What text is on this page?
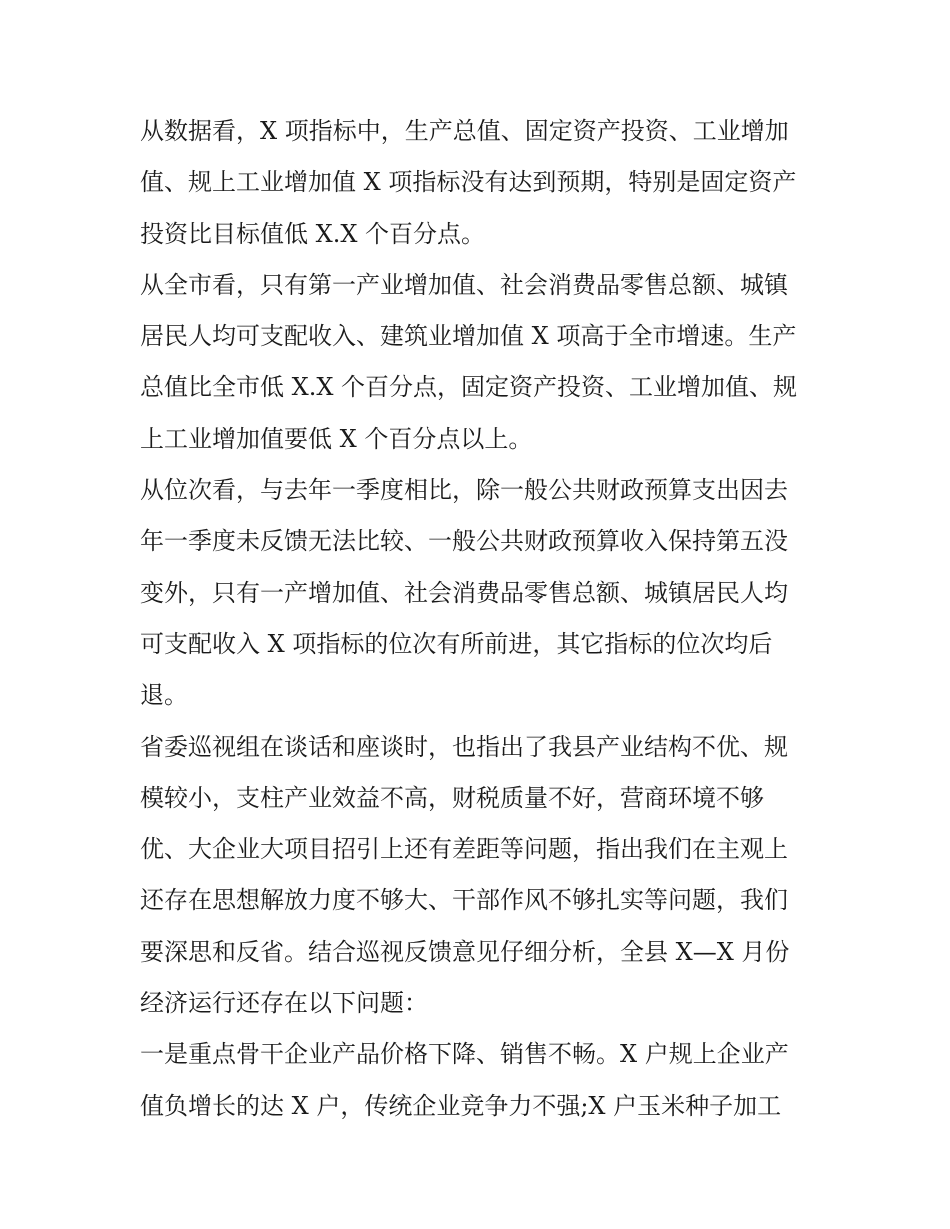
从数据看，X 项指标中，生产总值、固定资产投资、工业增加
值、规上工业增加值 X 项指标没有达到预期，特别是固定资产
投资比目标值低 X.X 个百分点。
从全市看，只有第一产业增加值、社会消费品零售总额、城镇
居民人均可支配收入、建筑业增加值 X 项高于全市增速。生产
总值比全市低 X.X 个百分点，固定资产投资、工业增加值、规
上工业增加值要低 X 个百分点以上。
从位次看，与去年一季度相比，除一般公共财政预算支出因去
年一季度未反馈无法比较、一般公共财政预算收入保持第五没
变外，只有一产增加值、社会消费品零售总额、城镇居民人均
可支配收入 X 项指标的位次有所前进，其它指标的位次均后
退。
省委巡视组在谈话和座谈时，也指出了我县产业结构不优、规
模较小，支柱产业效益不高，财税质量不好，营商环境不够
优、大企业大项目招引上还有差距等问题，指出我们在主观上
还存在思想解放力度不够大、干部作风不够扎实等问题，我们
要深思和反省。结合巡视反馈意见仔细分析，全县 X—X 月份
经济运行还存在以下问题：
一是重点骨干企业产品价格下降、销售不畅。X 户规上企业产
值负增长的达 X 户，传统企业竞争力不强;X 户玉米种子加工
